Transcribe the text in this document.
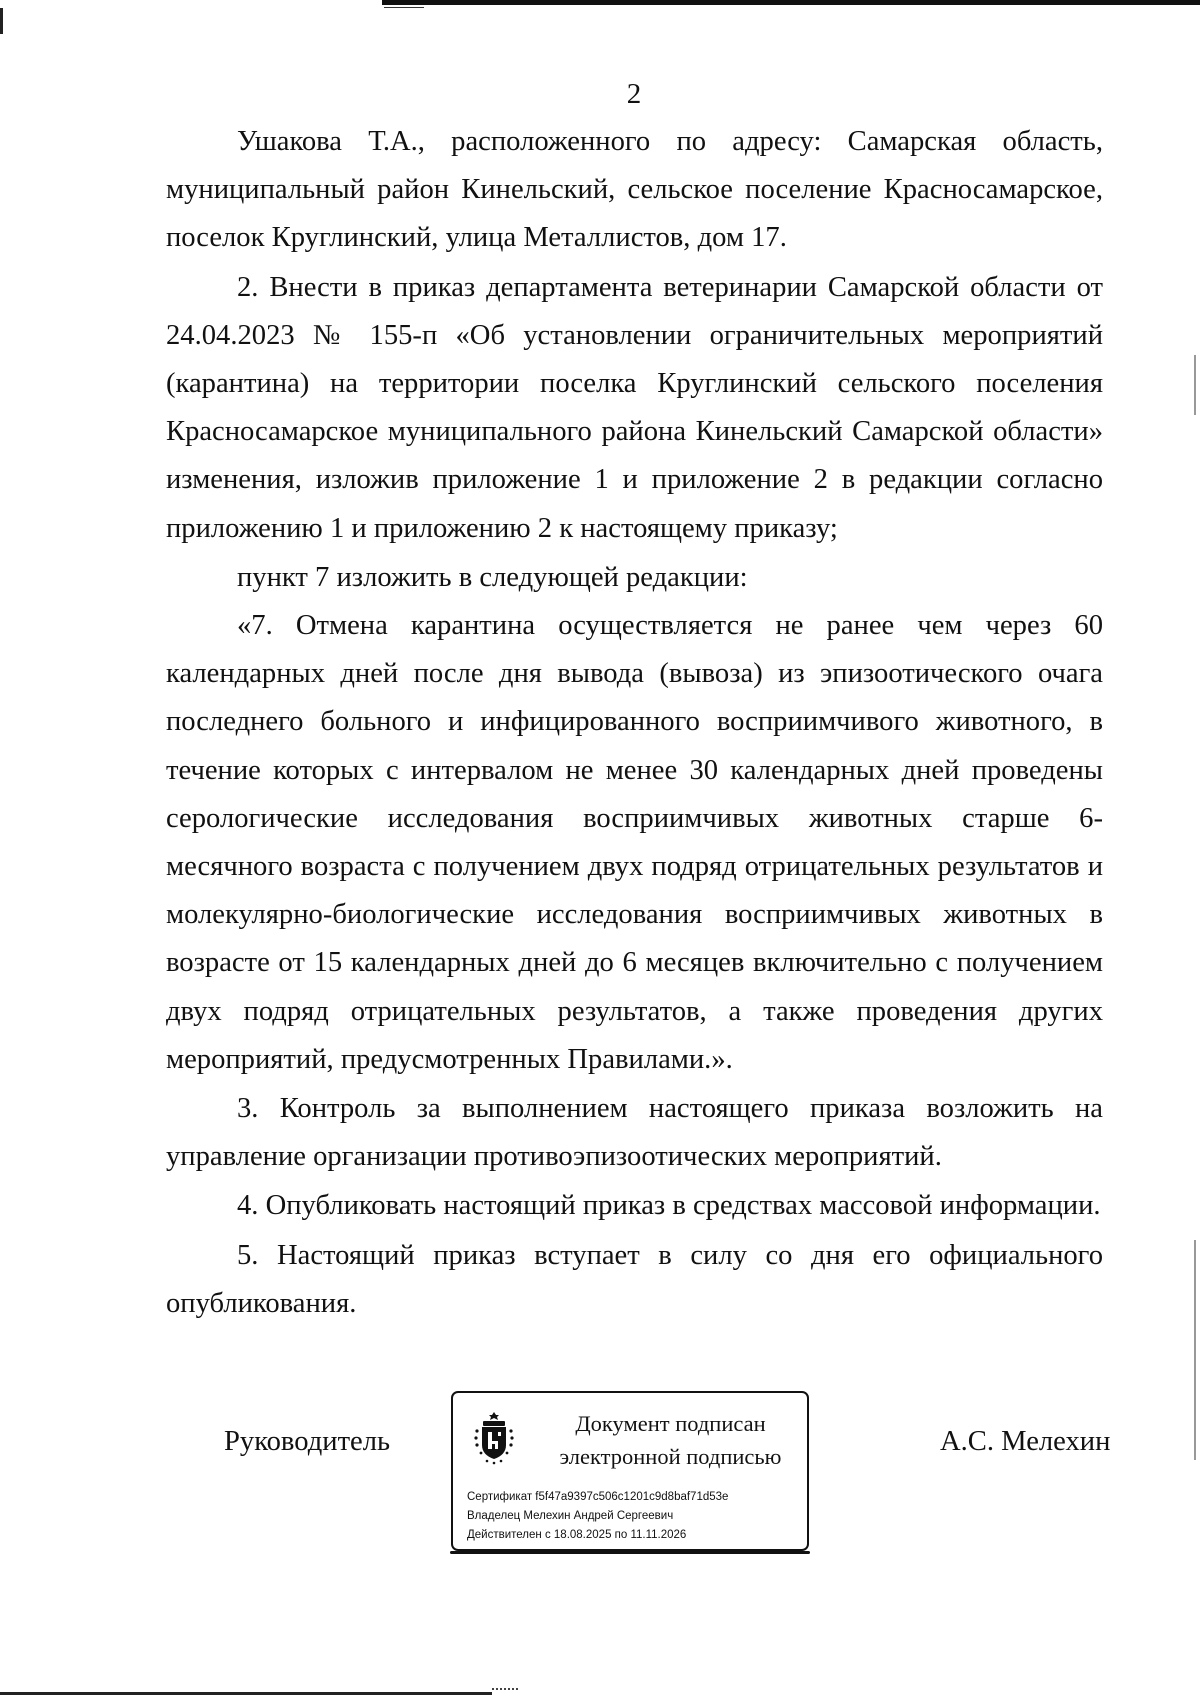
2

Ушакова Т.А., расположенного по адресу: Самарская область, муниципальный район Кинельский, сельское поселение Красносамарское, поселок Круглинский, улица Металлистов, дом 17.

2. Внести в приказ департамента ветеринарии Самарской области от 24.04.2023 № 155-п «Об установлении ограничительных мероприятий (карантина) на территории поселка Круглинский сельского поселения Красносамарское муниципального района Кинельский Самарской области» изменения, изложив приложение 1 и приложение 2 в редакции согласно приложению 1 и приложению 2 к настоящему приказу;

пункт 7 изложить в следующей редакции:

«7. Отмена карантина осуществляется не ранее чем через 60 календарных дней после дня вывода (вывоза) из эпизоотического очага последнего больного и инфицированного восприимчивого животного, в течение которых с интервалом не менее 30 календарных дней проведены серологические исследования восприимчивых животных старше 6-месячного возраста с получением двух подряд отрицательных результатов и молекулярно-биологические исследования восприимчивых животных в возрасте от 15 календарных дней до 6 месяцев включительно с получением двух подряд отрицательных результатов, а также проведения других мероприятий, предусмотренных Правилами.».

3. Контроль за выполнением настоящего приказа возложить на управление организации противоэпизоотических мероприятий.

4. Опубликовать настоящий приказ в средствах массовой информации.

5. Настоящий приказ вступает в силу со дня его официального опубликования.

Руководитель
Документ подписан
электронной подписью
Сертификат f5f47a9397c506c1201c9d8baf71d53e
Владелец Мелехин Андрей Сергеевич
Действителен с 18.08.2025 по 11.11.2026
А.С. Мелехин
